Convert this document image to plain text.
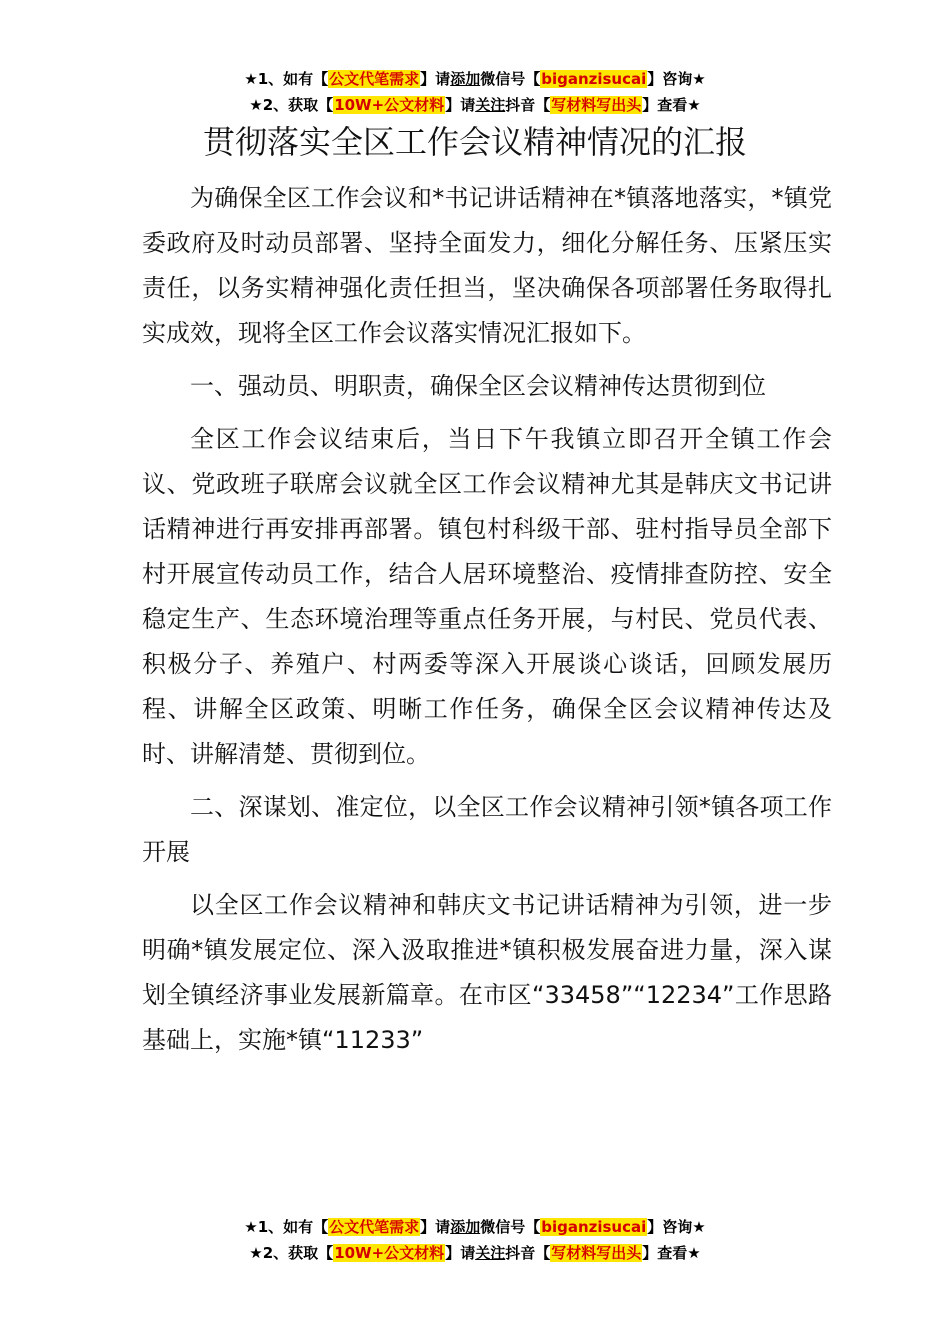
★1、如有【公文代笔需求】请添加微信号【biganzisucai】咨询★
★2、获取【10W+公文材料】请关注抖音【写材料写出头】查看★
贯彻落实全区工作会议精神情况的汇报

为确保全区工作会议和*书记讲话精神在*镇落地落实，*镇党委政府及时动员部署、坚持全面发力，细化分解任务、压紧压实责任，以务实精神强化责任担当，坚决确保各项部署任务取得扎实成效，现将全区工作会议落实情况汇报如下。

一、强动员、明职责，确保全区会议精神传达贯彻到位

全区工作会议结束后，当日下午我镇立即召开全镇工作会议、党政班子联席会议就全区工作会议精神尤其是韩庆文书记讲话精神进行再安排再部署。镇包村科级干部、驻村指导员全部下村开展宣传动员工作，结合人居环境整治、疫情排查防控、安全稳定生产、生态环境治理等重点任务开展，与村民、党员代表、积极分子、养殖户、村两委等深入开展谈心谈话，回顾发展历程、讲解全区政策、明晰工作任务，确保全区会议精神传达及时、讲解清楚、贯彻到位。

二、深谋划、准定位，以全区工作会议精神引领*镇各项工作开展

以全区工作会议精神和韩庆文书记讲话精神为引领，进一步明确*镇发展定位、深入汲取推进*镇积极发展奋进力量，深入谋划全镇经济事业发展新篇章。在市区“33458”“12234”工作思路基础上，实施*镇“11233”

★1、如有【公文代笔需求】请添加微信号【biganzisucai】咨询★
★2、获取【10W+公文材料】请关注抖音【写材料写出头】查看★
